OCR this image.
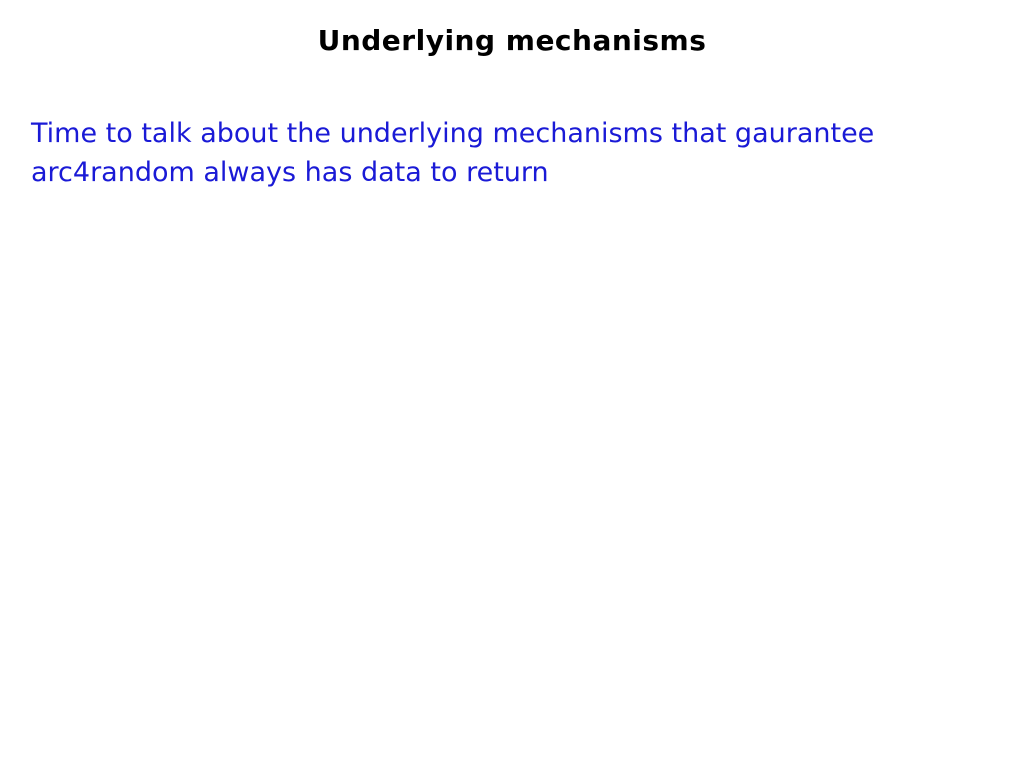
Underlying mechanisms
Time to talk about the underlying mechanisms that gaurantee
arc4random always has data to return
